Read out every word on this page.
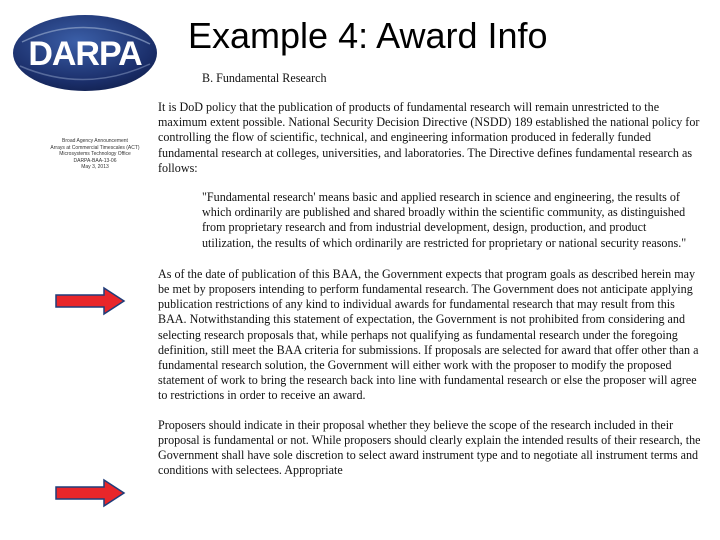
DARPA Example 4: Award Info
Broad Agency Announcement
Arrays at Commercial Timescales (ACT)
Microsystems Technology Office
DARPA-BAA-13-06
May 3, 2013

B. Fundamental Research

It is DoD policy that the publication of products of fundamental research will remain unrestricted to the maximum extent possible. National Security Decision Directive (NSDD) 189 established the national policy for controlling the flow of scientific, technical, and engineering information produced in federally funded fundamental research at colleges, universities, and laboratories. The Directive defines fundamental research as follows:

"Fundamental research' means basic and applied research in science and engineering, the results of which ordinarily are published and shared broadly within the scientific community, as distinguished from proprietary research and from industrial development, design, production, and product utilization, the results of which ordinarily are restricted for proprietary or national security reasons."

As of the date of publication of this BAA, the Government expects that program goals as described herein may be met by proposers intending to perform fundamental research. The Government does not anticipate applying publication restrictions of any kind to individual awards for fundamental research that may result from this BAA. Notwithstanding this statement of expectation, the Government is not prohibited from considering and selecting research proposals that, while perhaps not qualifying as fundamental research under the foregoing definition, still meet the BAA criteria for submissions. If proposals are selected for award that offer other than a fundamental research solution, the Government will either work with the proposer to modify the proposed statement of work to bring the research back into line with fundamental research or else the proposer will agree to restrictions in order to receive an award.

Proposers should indicate in their proposal whether they believe the scope of the research included in their proposal is fundamental or not. While proposers should clearly explain the intended results of their research, the Government shall have sole discretion to select award instrument type and to negotiate all instrument terms and conditions with selectees. Appropriate
